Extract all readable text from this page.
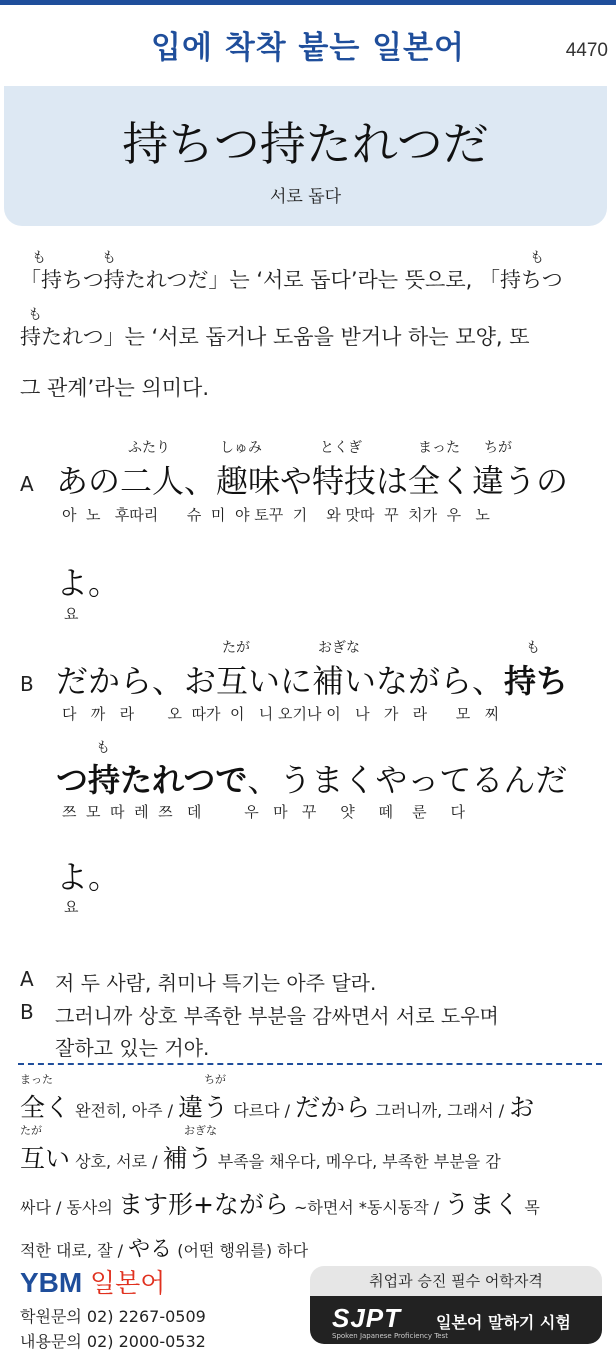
입에 착착 붙는 일본어	4470
持ちつ持たれつだ
서로 돕다
も	も	も
「持ちつ持たれつだ」는 ‘서로 돕다’라는 뜻으로, 「持ちつ
も
持たれつ」는 ‘서로 돕거나 도움을 받거나 하는 모양, 또
그 관계’라는 의미다.
ふたり	しゅみ	とくぎ	まった ちが
A あの二人、趣味や特技は全く違うの
아  노   후따리      슈  미  야 토꾸  기    와 맛따  꾸  치가  우   노
よ。
요
たが	おぎな	も
B だから、お互いに補いながら、持ち
다   까   라       오  따가  이   니 오기나 이   나   가   라      모   찌
も
つ持たれつで、うまくやってるんだ
쯔  모  따  레  쯔   데         우   마   꾸     얏     떼    룬     다
よ。
요
A 저 두 사람, 취미나 특기는 아주 달라.
B 그러니까 상호 부족한 부분을 감싸면서 서로 도우며
잘하고 있는 거야.
まった	ちが
全く 완전히, 아주 / 違う 다르다 / だから 그러니까, 그래서 / お
たが	おぎな
互い 상호, 서로 / 補う 부족을 채우다, 메우다, 부족한 부분을 감
싸다 / 동사의 ます形+ながら ~하면서 *동시동작 / うまく 목
적한 대로, 잘 / やる (어떤 행위를) 하다
YBM 일본어
학원문의 02) 2267-0509
내용문의 02) 2000-0532
취업과 승진 필수 어학자격
SJPT
Spoken Japanese Proficiency Test
일본어 말하기 시험
